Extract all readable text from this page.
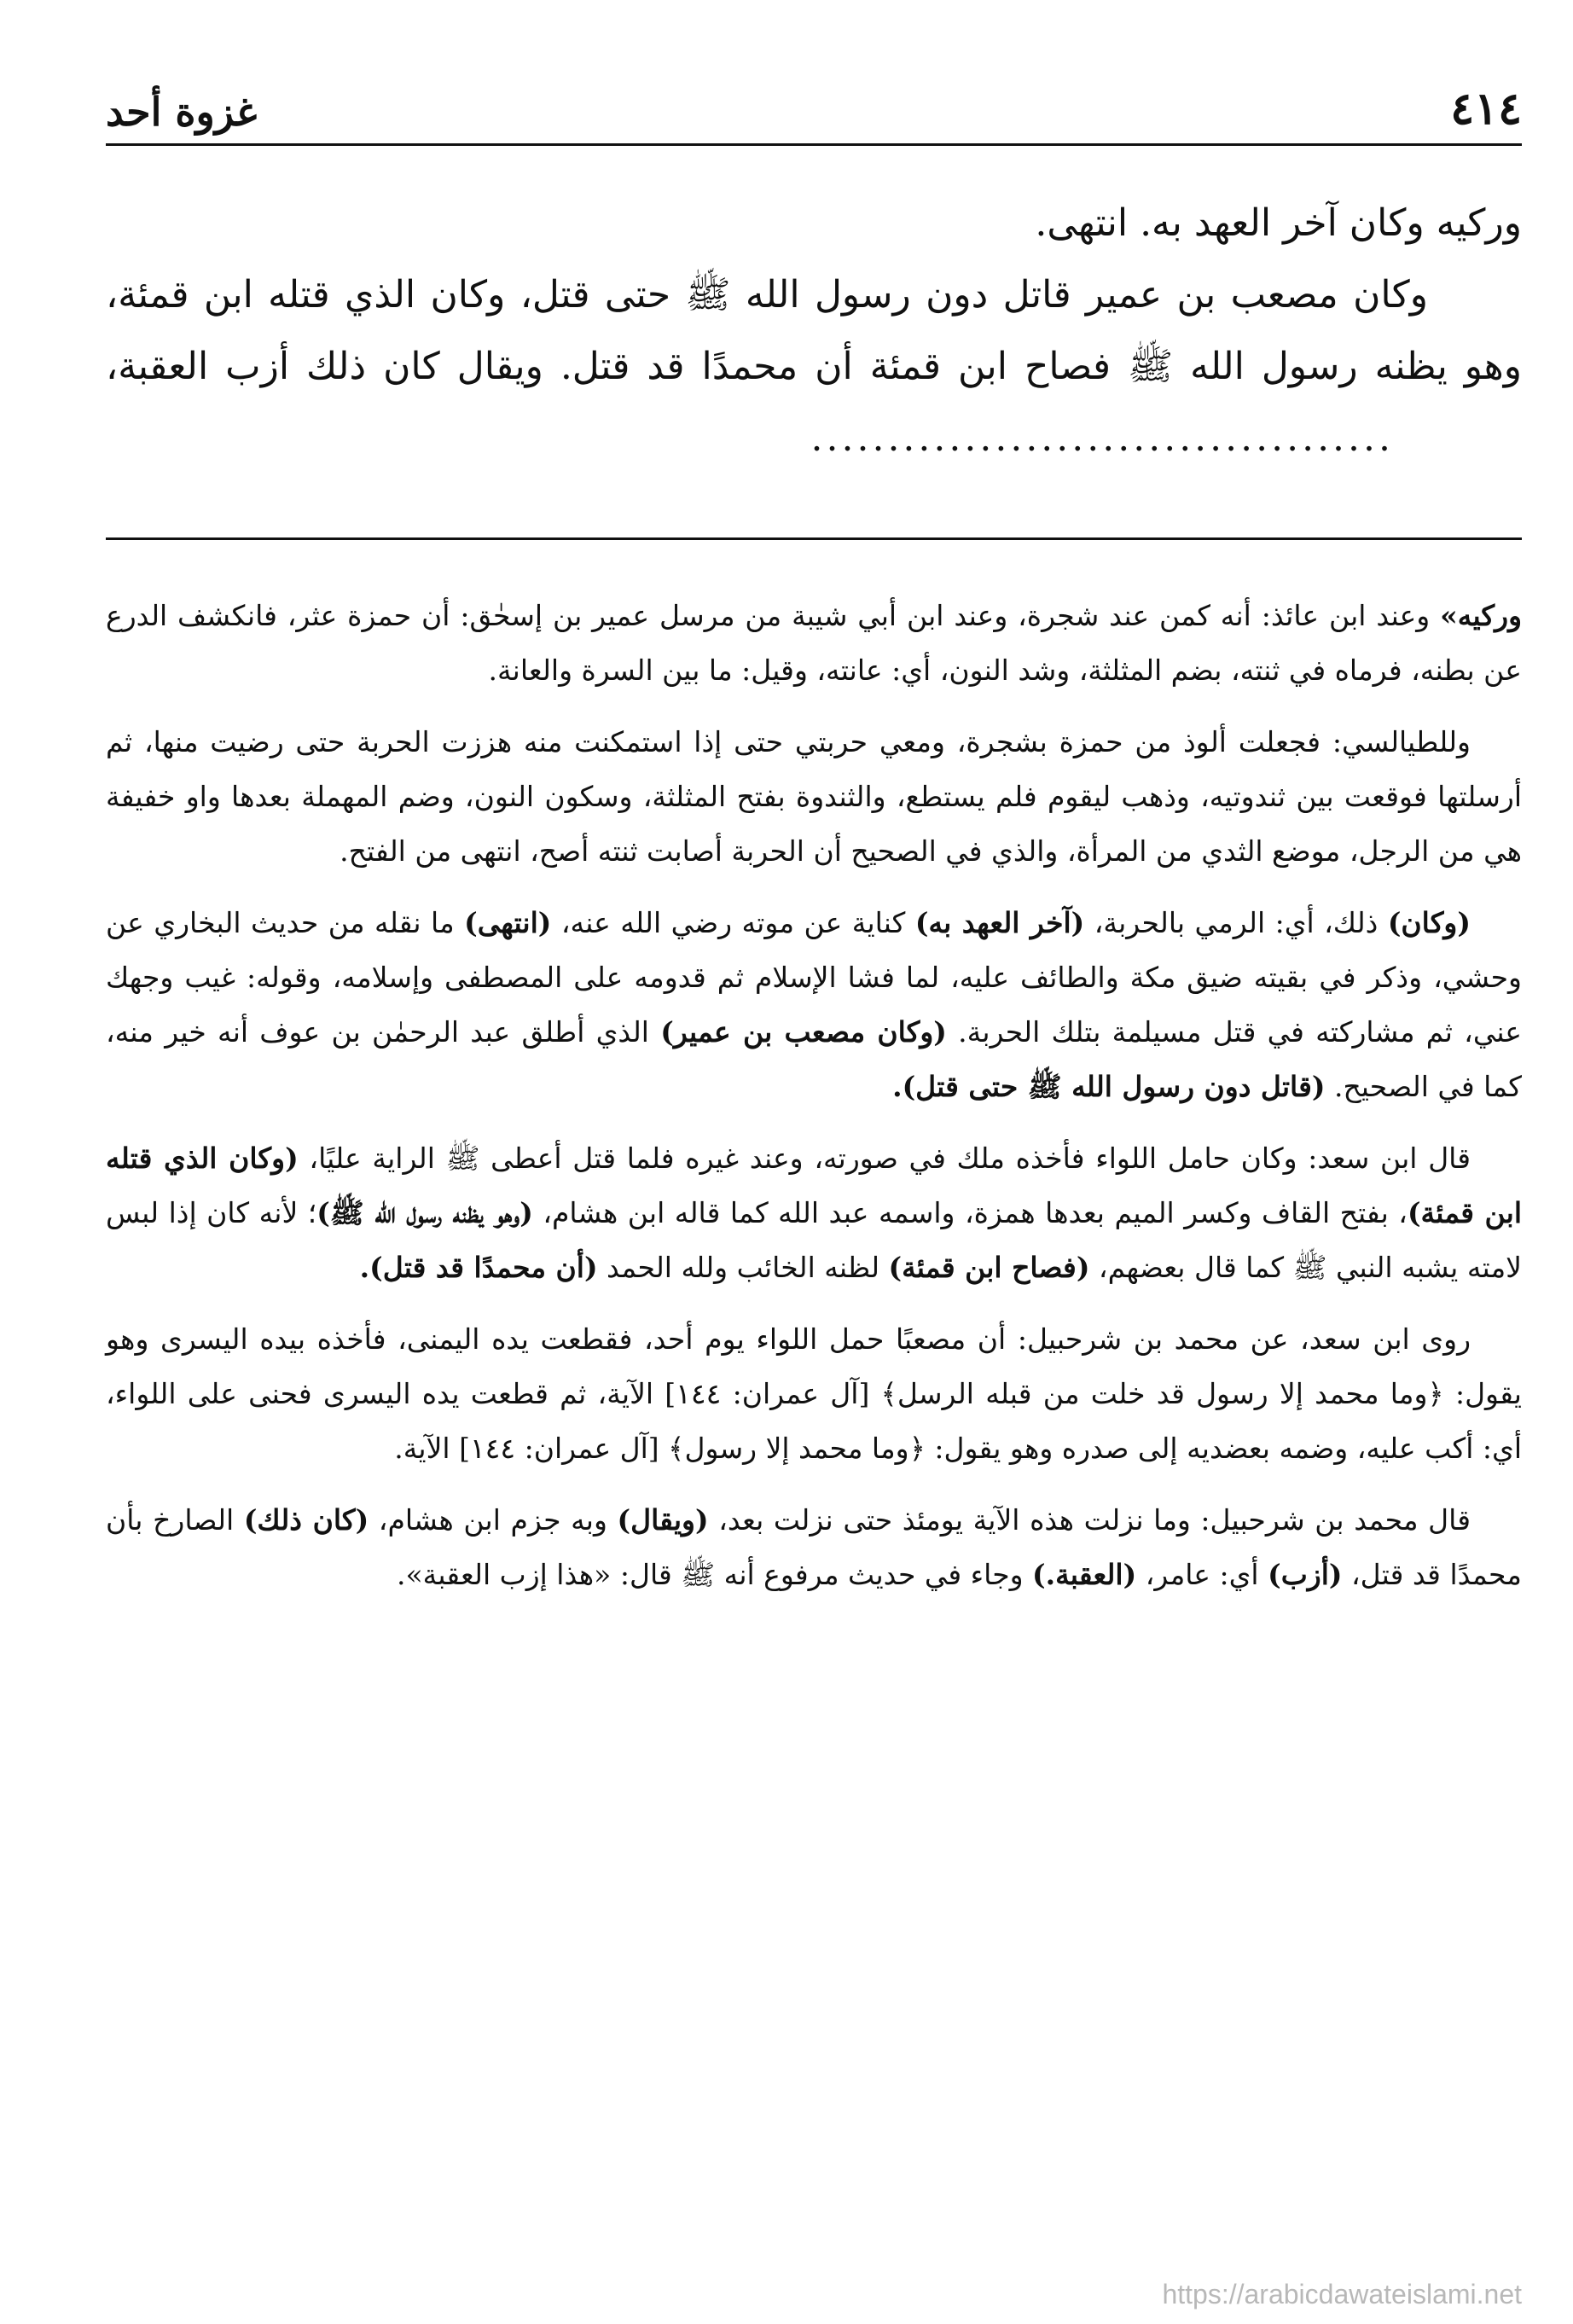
٤١٤
غزوة أحد

وركيه وكان آخر العهد به. انتهى.

وكان مصعب بن عمير قاتل دون رسول الله ﷺ حتى قتل، وكان الذي قتله ابن قمئة، وهو يظنه رسول الله ﷺ فصاح ابن قمئة أن محمدًا قد قتل. ويقال كان ذلك أزب العقبة،......................................

وركيه» وعند ابن عائذ: أنه كمن عند شجرة، وعند ابن أبي شيبة من مرسل عمير بن إسحٰق: أن حمزة عثر، فانكشف الدرع عن بطنه، فرماه في ثنته، بضم المثلثة، وشد النون، أي: عانته، وقيل: ما بين السرة والعانة.

وللطيالسي: فجعلت ألوذ من حمزة بشجرة، ومعي حربتي حتى إذا استمكنت منه هززت الحربة حتى رضيت منها، ثم أرسلتها فوقعت بين ثندوتيه، وذهب ليقوم فلم يستطع، والثندوة بفتح المثلثة، وسكون النون، وضم المهملة بعدها واو خفيفة هي من الرجل، موضع الثدي من المرأة، والذي في الصحيح أن الحربة أصابت ثنته أصح، انتهى من الفتح.

(وكان) ذلك، أي: الرمي بالحربة، (آخر العهد به) كناية عن موته رضي الله عنه، (انتهى) ما نقله من حديث البخاري عن وحشي، وذكر في بقيته ضيق مكة والطائف عليه، لما فشا الإسلام ثم قدومه على المصطفى وإسلامه، وقوله: غيب وجهك عني، ثم مشاركته في قتل مسيلمة بتلك الحربة. (وكان مصعب بن عمير) الذي أطلق عبد الرحمٰن بن عوف أنه خير منه، كما في الصحيح. (قاتل دون رسول الله ﷺ حتى قتل).

قال ابن سعد: وكان حامل اللواء فأخذه ملك في صورته، وعند غيره فلما قتل أعطى ﷺ الراية عليًا، (وكان الذي قتله ابن قمئة)، بفتح القاف وكسر الميم بعدها همزة، واسمه عبد الله كما قاله ابن هشام، (وهو يظنه رسول الله ﷺ)؛ لأنه كان إذا لبس لامته يشبه النبي ﷺ كما قال بعضهم، (فصاح ابن قمئة) لظنه الخائب ولله الحمد (أن محمدًا قد قتل).

روى ابن سعد، عن محمد بن شرحبيل: أن مصعبًا حمل اللواء يوم أحد، فقطعت يده اليمنى، فأخذه بيده اليسرى وهو يقول: ﴿وما محمد إلا رسول قد خلت من قبله الرسل﴾ [آل عمران: ١٤٤] الآية، ثم قطعت يده اليسرى فحنى على اللواء، أي: أكب عليه، وضمه بعضديه إلى صدره وهو يقول: ﴿وما محمد إلا رسول﴾ [آل عمران: ١٤٤] الآية.

قال محمد بن شرحبيل: وما نزلت هذه الآية يومئذ حتى نزلت بعد، (ويقال) وبه جزم ابن هشام، (كان ذلك) الصارخ بأن محمدًا قد قتل، (أزب) أي: عامر، (العقبة.) وجاء في حديث مرفوع أنه ﷺ قال: «هذا إزب العقبة».

https://arabicdawateislami.net
